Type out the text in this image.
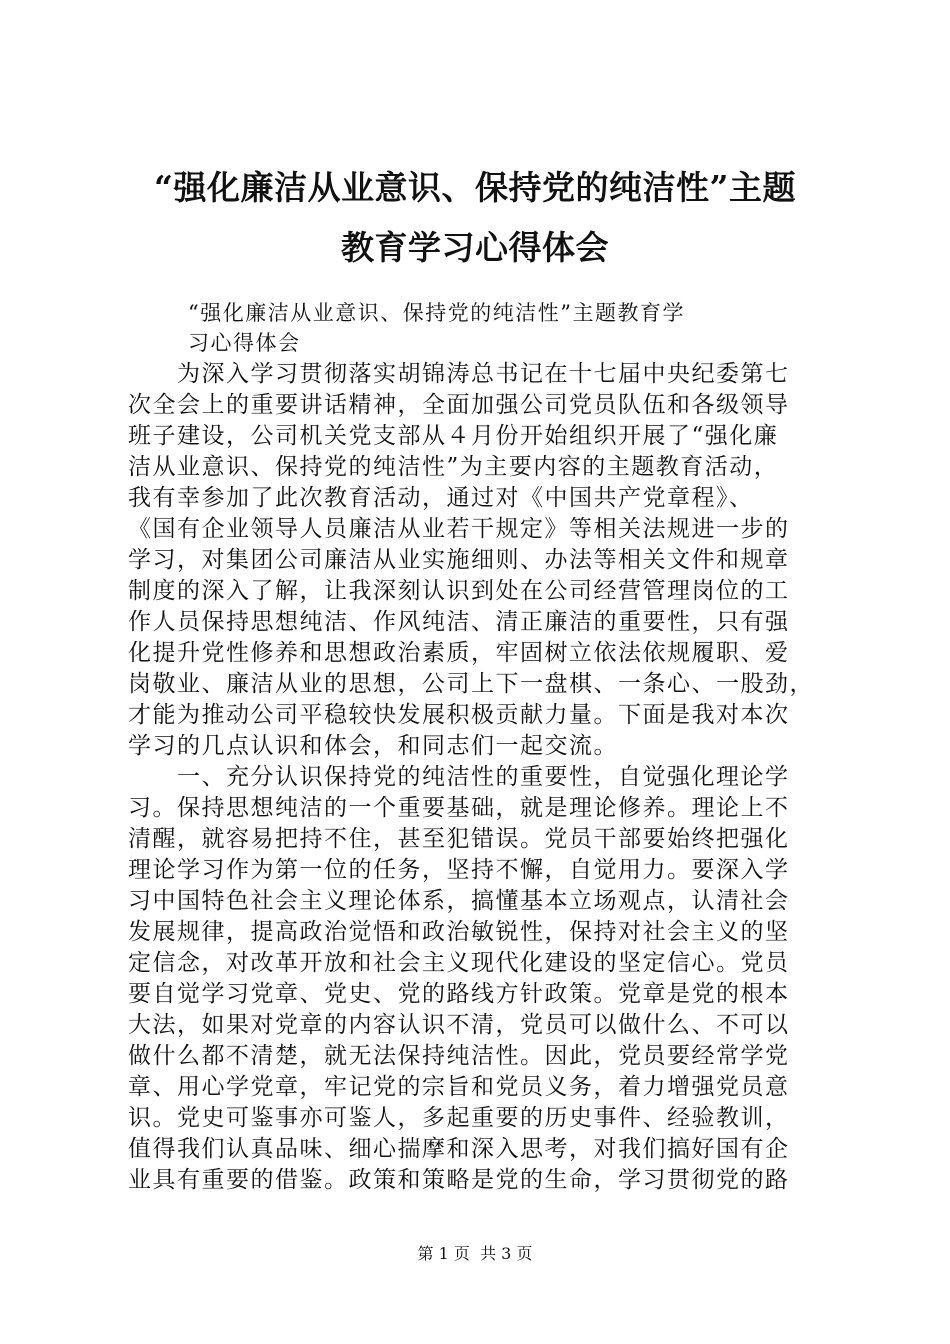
“强化廉洁从业意识、保持党的纯洁性”主题
教育学习心得体会
“强化廉洁从业意识、保持党的纯洁性”主题教育学
习心得体会
为深入学习贯彻落实胡锦涛总书记在十七届中央纪委第七
次全会上的重要讲话精神，全面加强公司党员队伍和各级领导
班子建设，公司机关党支部从４月份开始组织开展了“强化廉
洁从业意识、保持党的纯洁性”为主要内容的主题教育活动，
我有幸参加了此次教育活动，通过对《中国共产党章程》、
《国有企业领导人员廉洁从业若干规定》等相关法规进一步的
学习，对集团公司廉洁从业实施细则、办法等相关文件和规章
制度的深入了解，让我深刻认识到处在公司经营管理岗位的工
作人员保持思想纯洁、作风纯洁、清正廉洁的重要性，只有强
化提升党性修养和思想政治素质，牢固树立依法依规履职、爱
岗敬业、廉洁从业的思想，公司上下一盘棋、一条心、一股劲，
才能为推动公司平稳较快发展积极贡献力量。下面是我对本次
学习的几点认识和体会，和同志们一起交流。
一、充分认识保持党的纯洁性的重要性，自觉强化理论学
习。保持思想纯洁的一个重要基础，就是理论修养。理论上不
清醒，就容易把持不住，甚至犯错误。党员干部要始终把强化
理论学习作为第一位的任务，坚持不懈，自觉用力。要深入学
习中国特色社会主义理论体系，搞懂基本立场观点，认清社会
发展规律，提高政治觉悟和政治敏锐性，保持对社会主义的坚
定信念，对改革开放和社会主义现代化建设的坚定信心。党员
要自觉学习党章、党史、党的路线方针政策。党章是党的根本
大法，如果对党章的内容认识不清，党员可以做什么、不可以
做什么都不清楚，就无法保持纯洁性。因此，党员要经常学党
章、用心学党章，牢记党的宗旨和党员义务，着力增强党员意
识。党史可鉴事亦可鉴人，多起重要的历史事件、经验教训，
值得我们认真品味、细心揣摩和深入思考，对我们搞好国有企
业具有重要的借鉴。政策和策略是党的生命，学习贯彻党的路
第 1 页  共 3 页
